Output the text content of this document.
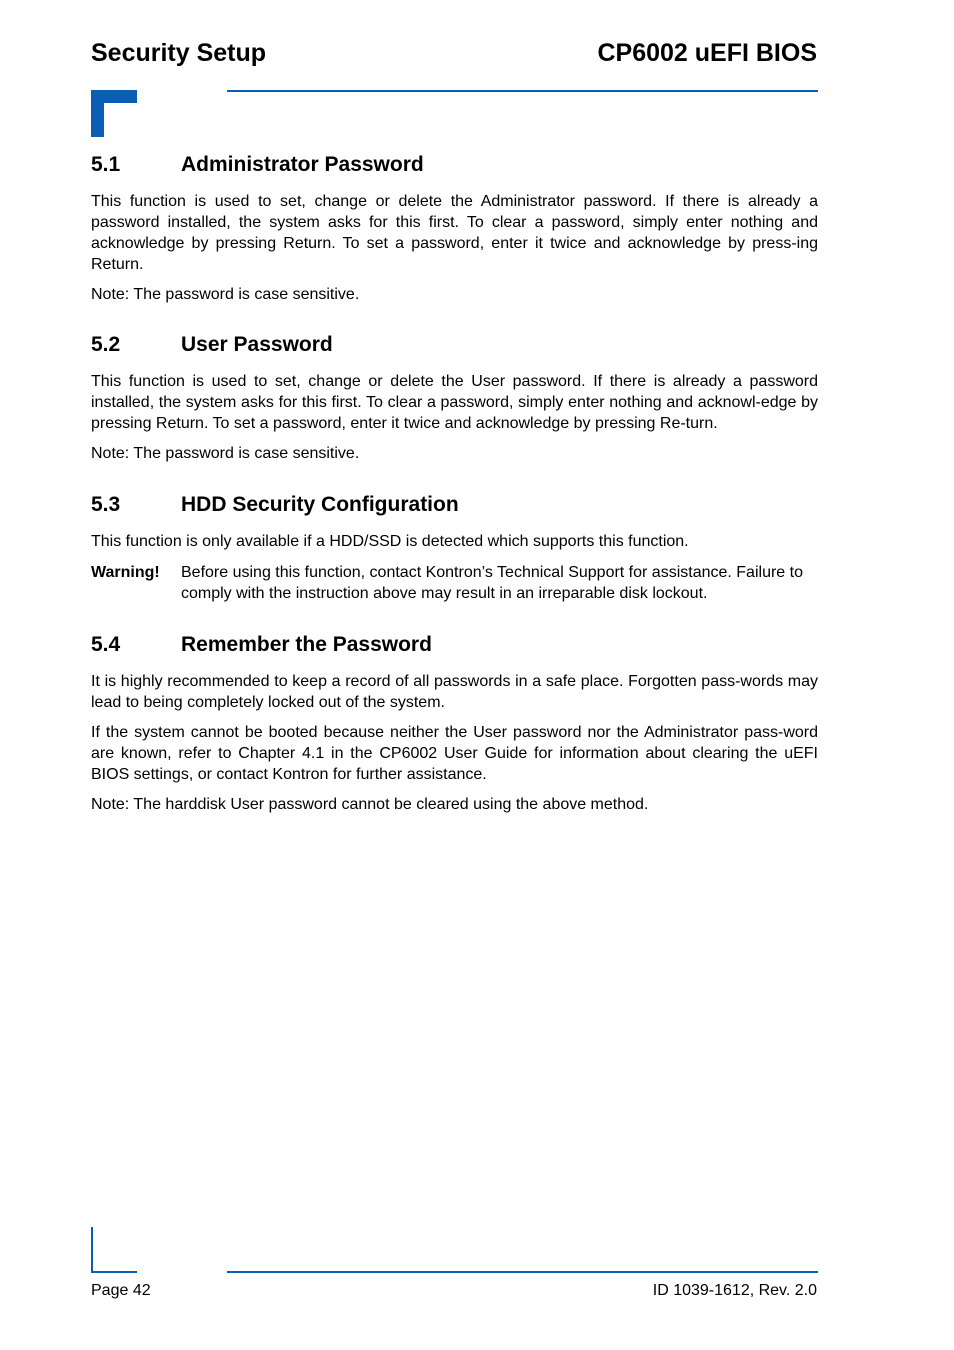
Security Setup	CP6002 uEFI BIOS
5.1	Administrator Password

This function is used to set, change or delete the Administrator password. If there is already a password installed, the system asks for this first. To clear a password, simply enter nothing and acknowledge by pressing Return. To set a password, enter it twice and acknowledge by press-ing Return.

Note: The password is case sensitive.

5.2	User Password

This function is used to set, change or delete the User password. If there is already a password installed, the system asks for this first. To clear a password, simply enter nothing and acknowl-edge by pressing Return. To set a password, enter it twice and acknowledge by pressing Re-turn.

Note: The password is case sensitive.

5.3	HDD Security Configuration

This function is only available if a HDD/SSD is detected which supports this function.

Warning!	Before using this function, contact Kontron’s Technical Support for assistance. Failure to comply with the instruction above may result in an irreparable disk lockout.
5.4	Remember the Password

It is highly recommended to keep a record of all passwords in a safe place. Forgotten pass-words may lead to being completely locked out of the system.

If the system cannot be booted because neither the User password nor the Administrator pass-word are known, refer to Chapter 4.1 in the CP6002 User Guide for information about clearing the uEFI BIOS settings, or contact Kontron for further assistance.

Note: The harddisk User password cannot be cleared using the above method.

Page 42	ID 1039-1612, Rev. 2.0
